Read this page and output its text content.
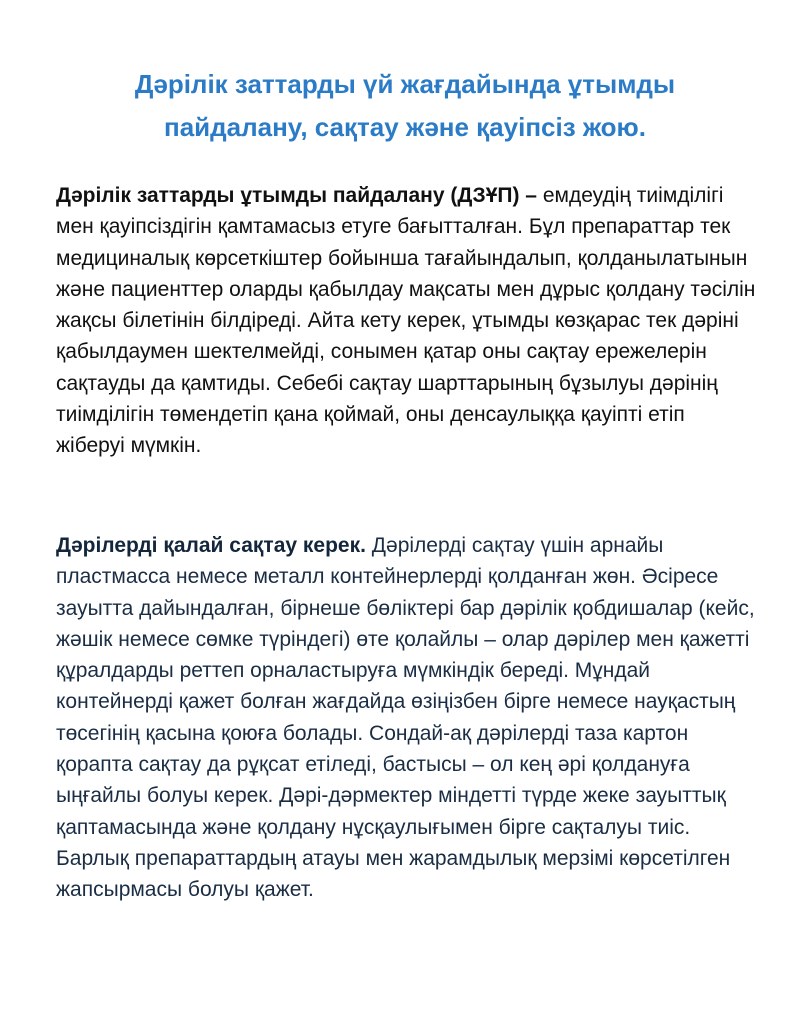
Дәрілік заттарды үй жағдайында ұтымды
пайдалану, сақтау және қауіпсіз жою.

Дәрілік заттарды ұтымды пайдалану (ДЗҰП) – емдеудің тиімділігі мен қауіпсіздігін қамтамасыз етуге бағытталған. Бұл препараттар тек медициналық көрсеткіштер бойынша тағайындалып, қолданылатынын және пациенттер оларды қабылдау мақсаты мен дұрыс қолдану тәсілін жақсы білетінін білдіреді. Айта кету керек, ұтымды көзқарас тек дәріні қабылдаумен шектелмейді, сонымен қатар оны сақтау ережелерін сақтауды да қамтиды. Себебі сақтау шарттарының бұзылуы дәрінің тиімділігін төмендетіп қана қоймай, оны денсаулыққа қауіпті етіп жіберуі мүмкін.

Дәрілерді қалай сақтау керек. Дәрілерді сақтау үшін арнайы пластмасса немесе металл контейнерлерді қолданған жөн. Әсіресе зауытта дайындалған, бірнеше бөліктері бар дәрілік қобдишалар (кейс, жәшік немесе сөмке түріндегі) өте қолайлы – олар дәрілер мен қажетті құралдарды реттеп орналастыруға мүмкіндік береді. Мұндай контейнерді қажет болған жағдайда өзіңізбен бірге немесе науқастың төсегінің қасына қоюға болады. Сондай-ақ дәрілерді таза картон қорапта сақтау да рұқсат етіледі, бастысы – ол кең әрі қолдануға ыңғайлы болуы керек. Дәрі-дәрмектер міндетті түрде жеке зауыттық қаптамасында және қолдану нұсқаулығымен бірге сақталуы тиіс. Барлық препараттардың атауы мен жарамдылық мерзімі көрсетілген жапсырмасы болуы қажет.
